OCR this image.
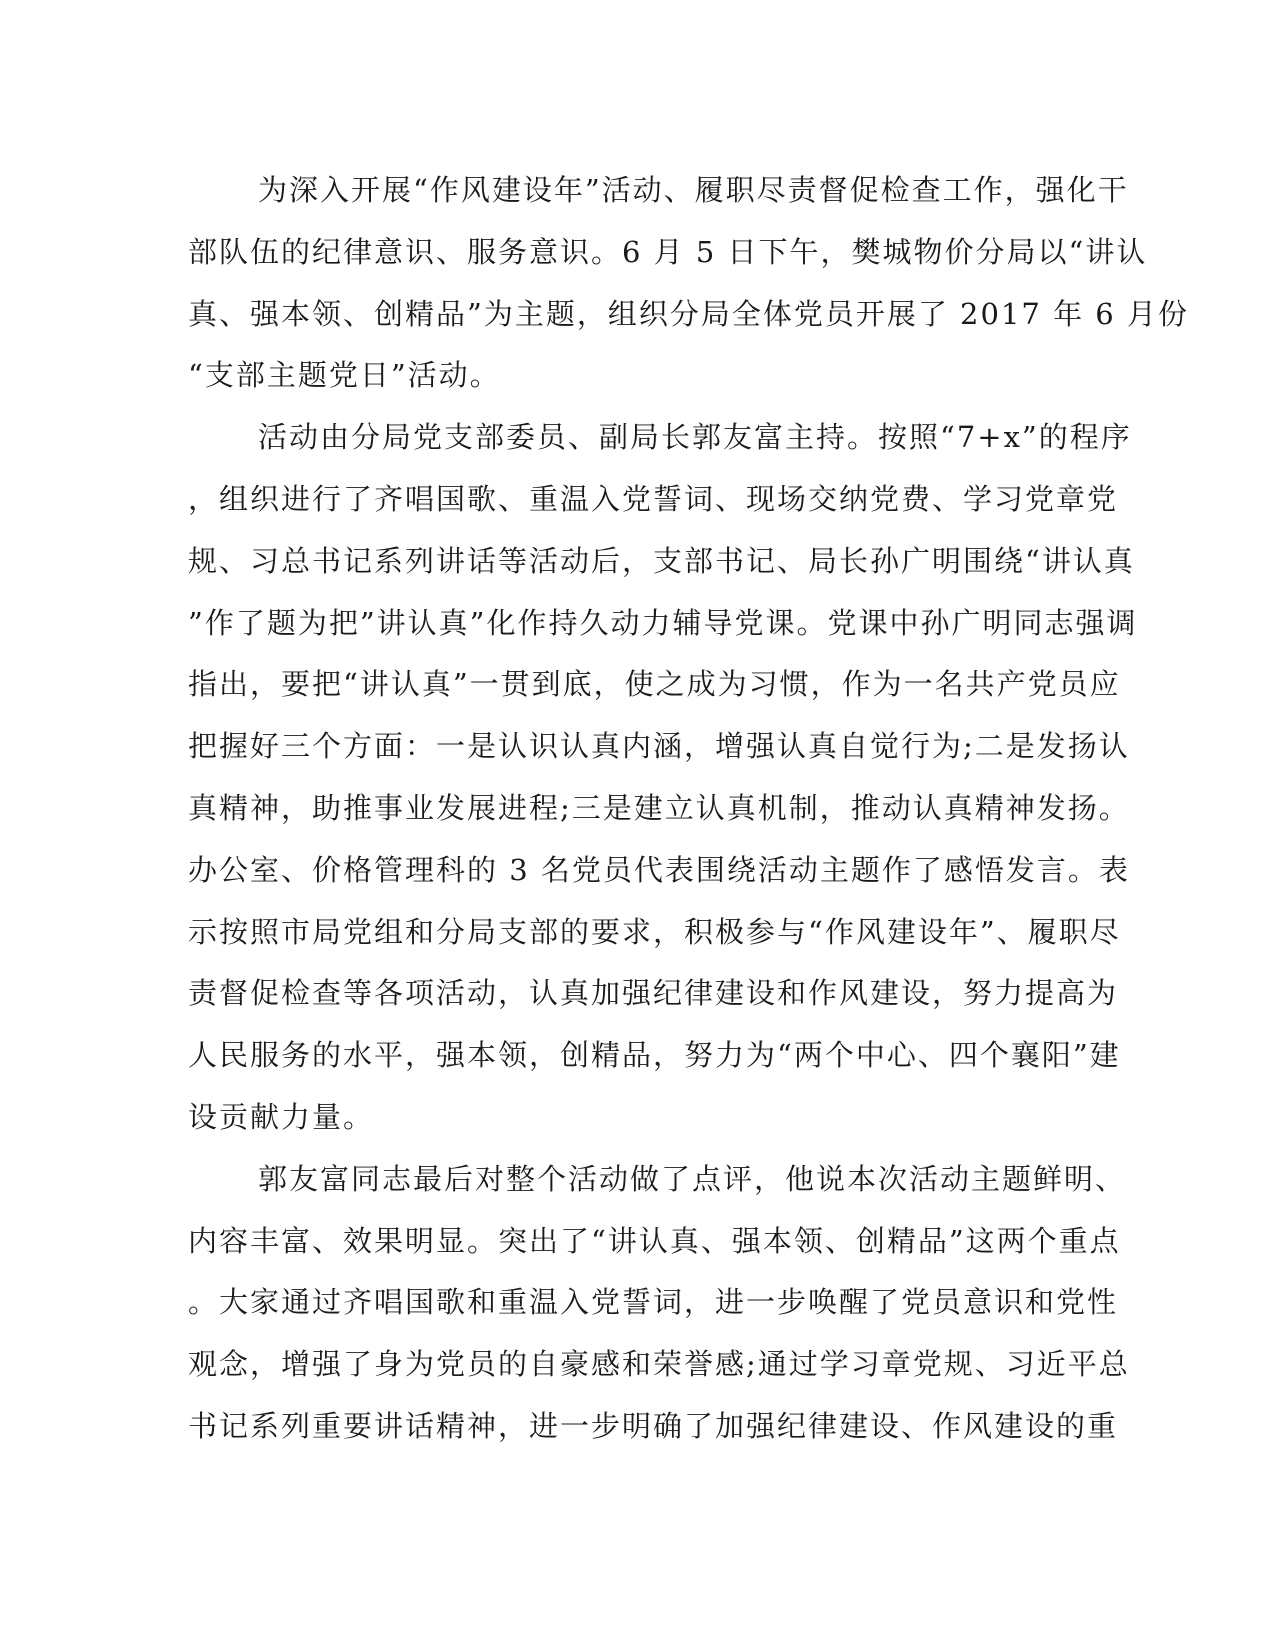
为深入开展“作风建设年”活动、履职尽责督促检查工作，强化干
部队伍的纪律意识、服务意识。6 月 5 日下午，樊城物价分局以“讲认
真、强本领、创精品”为主题，组织分局全体党员开展了 2017 年 6 月份
“支部主题党日”活动。
活动由分局党支部委员、副局长郭友富主持。按照“7+x”的程序
，组织进行了齐唱国歌、重温入党誓词、现场交纳党费、学习党章党
规、习总书记系列讲话等活动后，支部书记、局长孙广明围绕“讲认真
”作了题为把”讲认真”化作持久动力辅导党课。党课中孙广明同志强调
指出，要把“讲认真”一贯到底，使之成为习惯，作为一名共产党员应
把握好三个方面：一是认识认真内涵，增强认真自觉行为;二是发扬认
真精神，助推事业发展进程;三是建立认真机制，推动认真精神发扬。
办公室、价格管理科的 3 名党员代表围绕活动主题作了感悟发言。表
示按照市局党组和分局支部的要求，积极参与“作风建设年”、履职尽
责督促检查等各项活动，认真加强纪律建设和作风建设，努力提高为
人民服务的水平，强本领，创精品，努力为“两个中心、四个襄阳”建
设贡献力量。
郭友富同志最后对整个活动做了点评，他说本次活动主题鲜明、
内容丰富、效果明显。突出了“讲认真、强本领、创精品”这两个重点
。大家通过齐唱国歌和重温入党誓词，进一步唤醒了党员意识和党性
观念，增强了身为党员的自豪感和荣誉感;通过学习章党规、习近平总
书记系列重要讲话精神，进一步明确了加强纪律建设、作风建设的重
